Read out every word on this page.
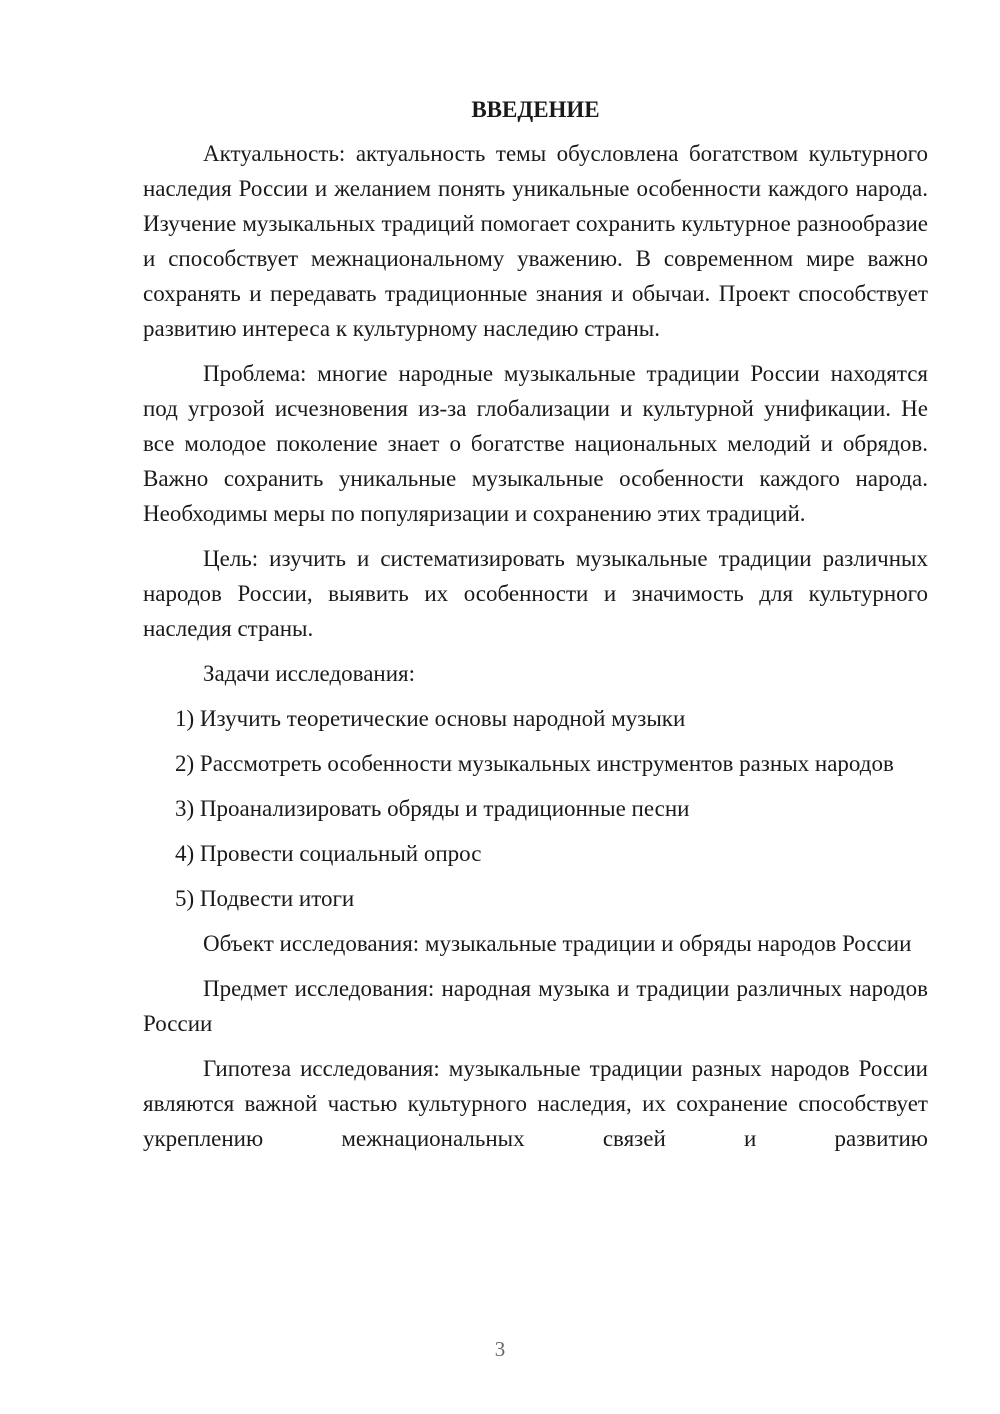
ВВЕДЕНИЕ

Актуальность: актуальность темы обусловлена богатством культурного наследия России и желанием понять уникальные особенности каждого народа. Изучение музыкальных традиций помогает сохранить культурное разнообразие и способствует межнациональному уважению. В современном мире важно сохранять и передавать традиционные знания и обычаи. Проект способствует развитию интереса к культурному наследию страны.

Проблема: многие народные музыкальные традиции России находятся под угрозой исчезновения из-за глобализации и культурной унификации. Не все молодое поколение знает о богатстве национальных мелодий и обрядов. Важно сохранить уникальные музыкальные особенности каждого народа. Необходимы меры по популяризации и сохранению этих традиций.

Цель: изучить и систематизировать музыкальные традиции различных народов России, выявить их особенности и значимость для культурного наследия страны.

Задачи исследования:

1) Изучить теоретические основы народной музыки

2) Рассмотреть особенности музыкальных инструментов разных народов

3) Проанализировать обряды и традиционные песни

4) Провести социальный опрос

5) Подвести итоги

Объект исследования: музыкальные традиции и обряды народов России

Предмет исследования: народная музыка и традиции различных народов России

Гипотеза исследования: музыкальные традиции разных народов России являются важной частью культурного наследия, их сохранение способствует укреплению межнациональных связей и развитию

3
